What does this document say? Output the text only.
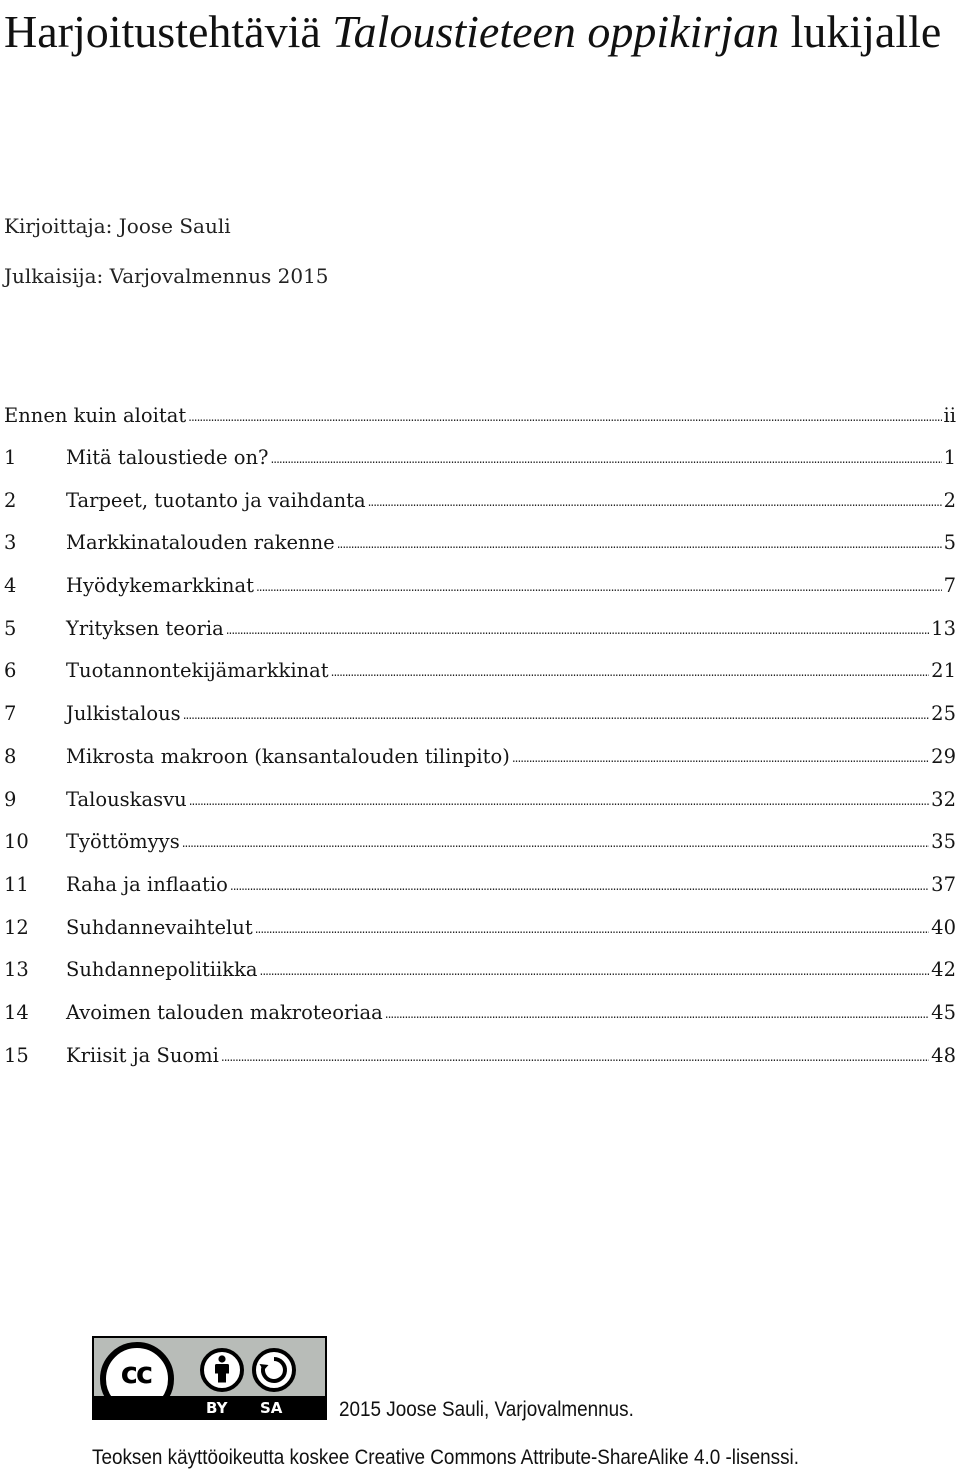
Harjoitustehtäviä Taloustieteen oppikirjan lukijalle
Kirjoittaja: Joose Sauli
Julkaisija: Varjovalmennus 2015
Ennen kuin aloitat .....	ii
1	Mitä taloustiede on? .....	1
2	Tarpeet, tuotanto ja vaihdanta .....	2
3	Markkinatalouden rakenne .....	5
4	Hyödykemarkkinat .....	7
5	Yrityksen teoria .....	13
6	Tuotannontekijämarkkinat .....	21
7	Julkistalous .....	25
8	Mikrosta makroon (kansantalouden tilinpito) .....	29
9	Talouskasvu .....	32
10	Työttömyys .....	35
11	Raha ja inflaatio .....	37
12	Suhdannevaihtelut .....	40
13	Suhdannepolitiikka .....	42
14	Avoimen talouden makroteoriaa .....	45
15	Kriisit ja Suomi .....	48
cc
BY SA	2015 Joose Sauli, Varjovalmennus.
Teoksen käyttöoikeutta koskee Creative Commons Attribute-ShareAlike 4.0 -lisenssi.
